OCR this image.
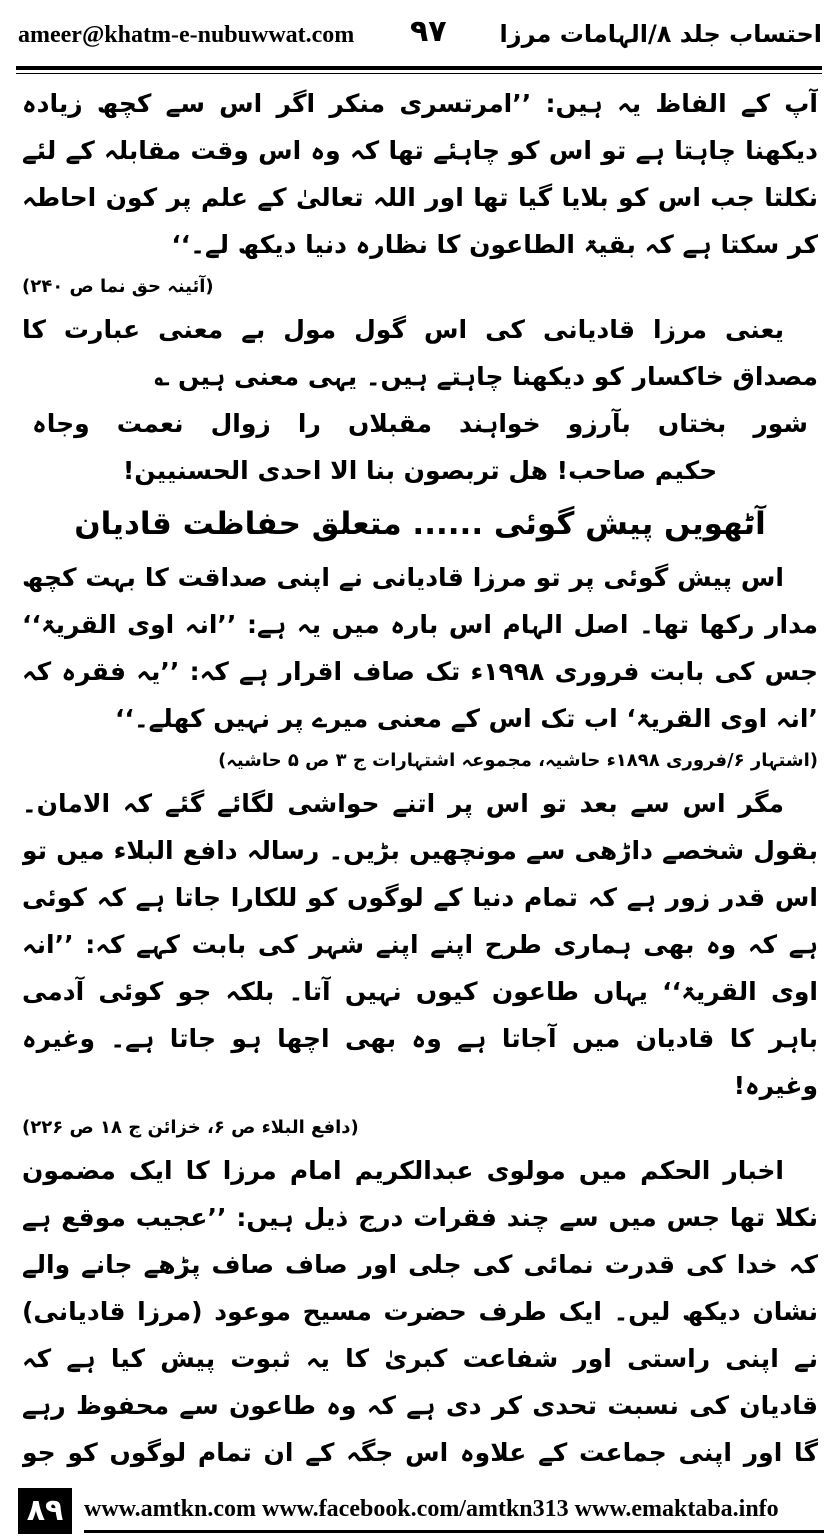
ameer@khatm-e-nubuwwat.com ۹۷ احتساب جلد ۸/الہامات مرزا

آپ کے الفاظ یہ ہیں: ’’امرتسری منکر اگر اس سے کچھ زیادہ دیکھنا چاہتا ہے تو اس کو چاہئے تھا کہ وہ اس وقت مقابلہ کے لئے نکلتا جب اس کو بلایا گیا تھا اور اللہ تعالیٰ کے علم پر کون احاطہ کر سکتا ہے کہ بقیۃ الطاعون کا نظارہ دنیا دیکھ لے۔‘‘

(آئینہ حق نما ص ۲۴۰)

یعنی مرزا قادیانی کی اس گول مول بے معنی عبارت کا مصداق خاکسار کو دیکھنا چاہتے ہیں۔ یہی معنی ہیں ؎

شور
بختاں
بآرزو
خواہند
مقبلاں
را
زوال
نعمت
وجاہ

حکیم صاحب! هل تربصون بنا الا احدی الحسنیین!

آٹھویں پیش گوئی ...... متعلق حفاظت قادیان

اس پیش گوئی پر تو مرزا قادیانی نے اپنی صداقت کا بہت کچھ مدار رکھا تھا۔ اصل الہام اس بارہ میں یہ ہے: ’’انہ اوی القریۃ‘‘ جس کی بابت فروری ۱۹۹۸ء تک صاف اقرار ہے کہ: ’’یہ فقرہ کہ ’انہ اوی القریۃ‘ اب تک اس کے معنی میرے پر نہیں کھلے۔‘‘

(اشتہار ۶/فروری ۱۸۹۸ء حاشیہ، مجموعہ اشتہارات ج ۳ ص ۵ حاشیہ)

مگر اس سے بعد تو اس پر اتنے حواشی لگائے گئے کہ الامان۔ بقول شخصے داڑھی سے مونچھیں بڑیں۔ رسالہ دافع البلاء میں تو اس قدر زور ہے کہ تمام دنیا کے لوگوں کو للکارا جاتا ہے کہ کوئی ہے کہ وہ بھی ہماری طرح اپنے اپنے شہر کی بابت کہے کہ: ’’انہ اوی القریۃ‘‘ یہاں طاعون کیوں نہیں آتا۔ بلکہ جو کوئی آدمی باہر کا قادیان میں آجاتا ہے وہ بھی اچھا ہو جاتا ہے۔ وغیرہ وغیرہ!

(دافع البلاء ص ۶، خزائن ج ۱۸ ص ۲۲۶)

اخبار الحکم میں مولوی عبدالکریم امام مرزا کا ایک مضمون نکلا تھا جس میں سے چند فقرات درج ذیل ہیں: ’’عجیب موقع ہے کہ خدا کی قدرت نمائی کی جلی اور صاف صاف پڑھے جانے والے نشان دیکھ لیں۔ ایک طرف حضرت مسیح موعود (مرزا قادیانی) نے اپنی راستی اور شفاعت کبریٰ کا یہ ثبوت پیش کیا ہے کہ قادیان کی نسبت تحدی کر دی ہے کہ وہ طاعون سے محفوظ رہے گا اور اپنی جماعت کے علاوہ اس جگہ کے ان تمام لوگوں کو جو

۸۹ www.amtkn.com www.facebook.com/amtkn313 www.emaktaba.info
